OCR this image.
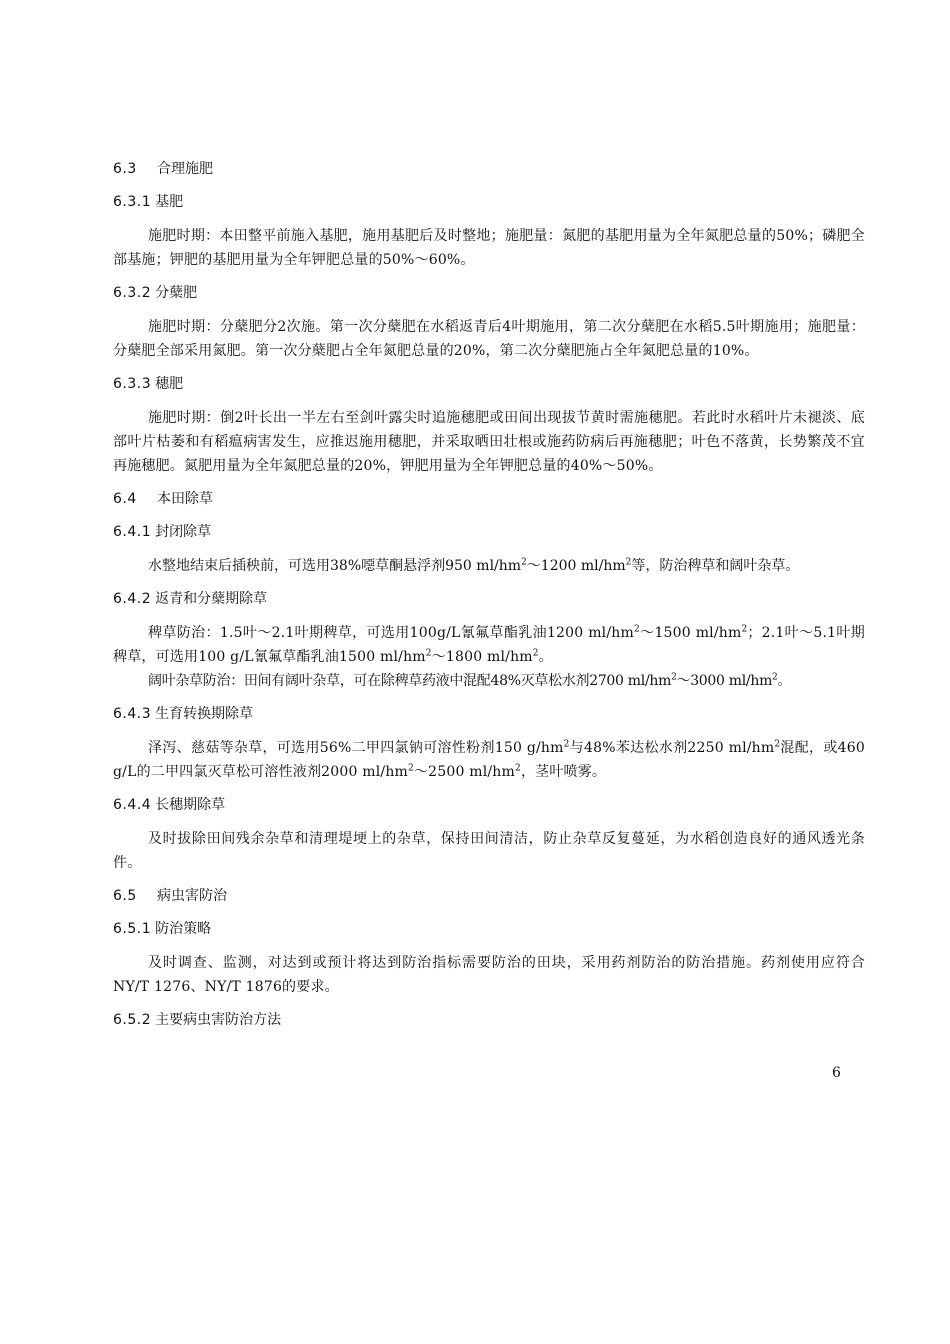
6.3 合理施肥
6.3.1 基肥

施肥时期：本田整平前施入基肥，施用基肥后及时整地；施肥量：氮肥的基肥用量为全年氮肥总量的50%；磷肥全部基施；钾肥的基肥用量为全年钾肥总量的50%～60%。

6.3.2 分蘖肥

施肥时期：分蘖肥分2次施。第一次分蘖肥在水稻返青后4叶期施用，第二次分蘖肥在水稻5.5叶期施用；施肥量：分蘖肥全部采用氮肥。第一次分蘖肥占全年氮肥总量的20%，第二次分蘖肥施占全年氮肥总量的10%。

6.3.3 穗肥

施肥时期：倒2叶长出一半左右至剑叶露尖时追施穗肥或田间出现拔节黄时需施穗肥。若此时水稻叶片未褪淡、底部叶片枯萎和有稻瘟病害发生，应推迟施用穗肥，并采取晒田壮根或施药防病后再施穗肥；叶色不落黄，长势繁茂不宜再施穗肥。氮肥用量为全年氮肥总量的20%，钾肥用量为全年钾肥总量的40%～50%。

6.4 本田除草
6.4.1 封闭除草

水整地结束后插秧前，可选用38%噁草酮悬浮剂950 $ml/hm^2\sim 1200$ $ml/hm^2$等，防治稗草和阔叶杂草。

6.4.2 返青和分蘖期除草

稗草防治：1.5叶～2.1叶期稗草，可选用100g/L氰氟草酯乳油1200 $ml/hm^2\sim 1500$ $ml/hm^2$；2.1叶～5.1叶期稗草，可选用100 g/L氰氟草酯乳油1500 $ml/hm^2\sim 1800$ $ml/hm^2$。

阔叶杂草防治：田间有阔叶杂草，可在除稗草药液中混配48%灭草松水剂2700 $ml/hm^2\sim 3000$ $ml/hm^2$。

6.4.3 生育转换期除草

泽泻、慈菇等杂草，可选用56%二甲四氯钠可溶性粉剂150 $g/hm^2$与48%苯达松水剂2250 $ml/hm^2$混配，或460 g/L的二甲四氯灭草松可溶性液剂2000 $ml/hm^2\sim 2500$ $ml/hm^2$，茎叶喷雾。

6.4.4 长穗期除草

及时拔除田间残余杂草和清理堤埂上的杂草，保持田间清洁，防止杂草反复蔓延，为水稻创造良好的通风透光条件。

6.5 病虫害防治
6.5.1 防治策略

及时调查、监测，对达到或预计将达到防治指标需要防治的田块，采用药剂防治的防治措施。药剂使用应符合NY/T 1276、NY/T 1876的要求。

6.5.2 主要病虫害防治方法
6
